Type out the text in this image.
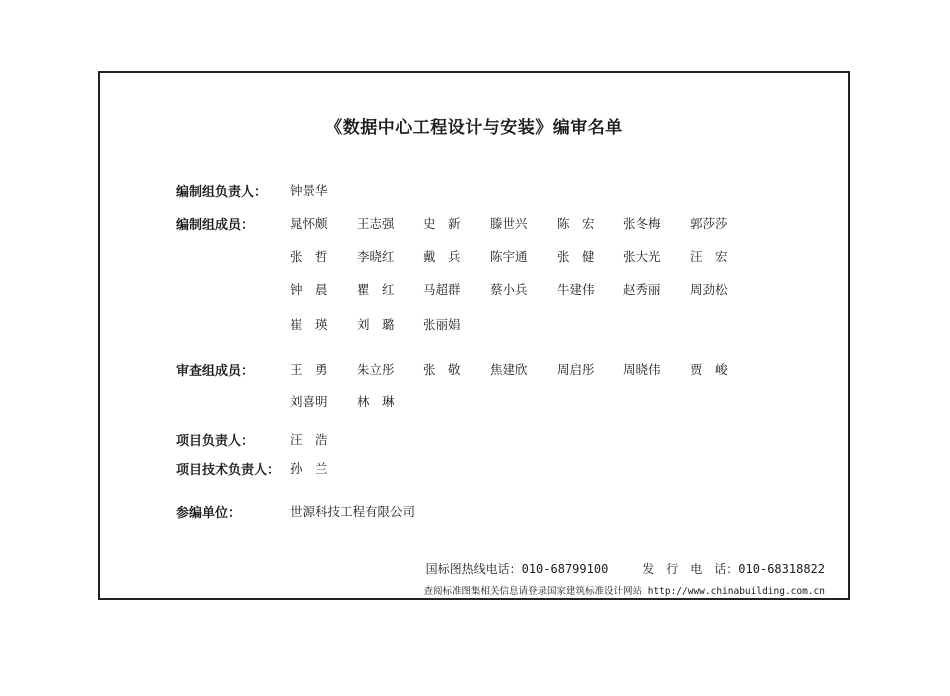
《数据中心工程设计与安装》编审名单
编制组负责人： 钟景华
编制组成员：	晁怀颇 王志强 史　新 滕世兴 陈　宏 张冬梅 郭莎莎
张　哲 李晓红 戴　兵 陈宇通 张　健 张大光 汪　宏
钟　晨 瞿　红 马超群 蔡小兵 牛建伟 赵秀丽 周劲松
崔　瑛 刘　璐 张丽娟
审查组成员：	王　勇 朱立彤 张　敬 焦建欣 周启彤 周晓伟 贾　峻
刘喜明 林　琳
项目负责人：	汪　浩
项目技术负责人： 孙　兰
参编单位：	世源科技工程有限公司
国标图热线电话：010-68799100	发　行　电　话：010-68318822
查阅标准图集相关信息请登录国家建筑标准设计网站 http://www.chinabuilding.com.cn
